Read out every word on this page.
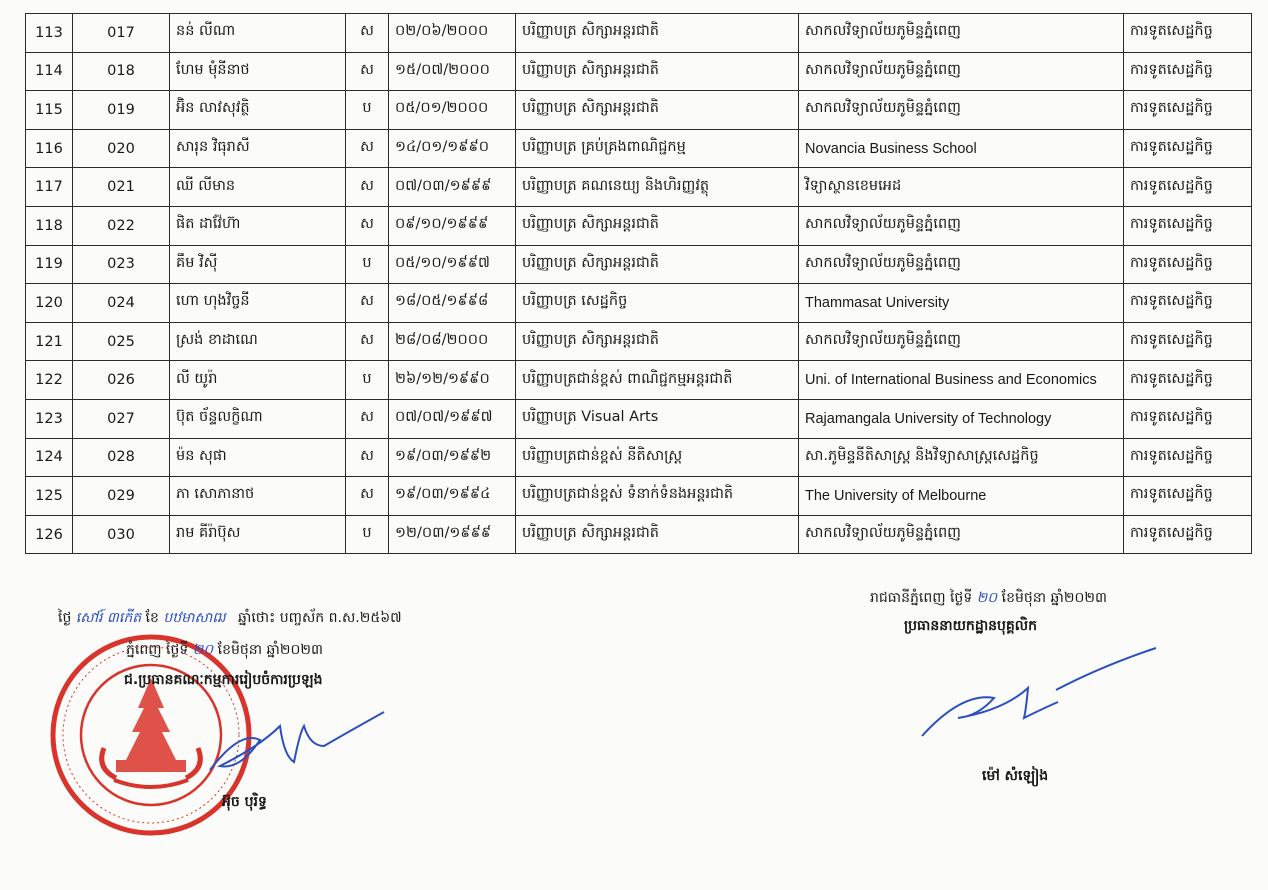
113	017	នន់ លីណា	ស	០២/០៦/២០០០	បរិញ្ញាបត្រ សិក្សាអន្តរជាតិ	សាកលវិទ្យាល័យភូមិន្ទភ្នំពេញ	ការទូតសេដ្ឋកិច្ច
114	018	ហែម មុំនីនាថ	ស	១៥/០៧/២០០០	បរិញ្ញាបត្រ សិក្សាអន្តរជាតិ	សាកលវិទ្យាល័យភូមិន្ទភ្នំពេញ	ការទូតសេដ្ឋកិច្ច
115	019	អ៊ិន លាវសុវត្ថិ	ប	០៥/០១/២០០០	បរិញ្ញាបត្រ សិក្សាអន្តរជាតិ	សាកលវិទ្យាល័យភូមិន្ទភ្នំពេញ	ការទូតសេដ្ឋកិច្ច
116	020	សារុន វិធុរាសី	ស	១៤/០១/១៩៩០	បរិញ្ញាបត្រ គ្រប់គ្រងពាណិជ្ជកម្ម	Novancia Business School	ការទូតសេដ្ឋកិច្ច
117	021	ឈី លីមាន	ស	០៧/០៣/១៩៩៩	បរិញ្ញាបត្រ គណនេយ្យ និងហិរញ្ញវត្ថុ	វិទ្យាស្ថានខេមអេដ	ការទូតសេដ្ឋកិច្ច
118	022	ផិត ដាវ៉ែហ៊ា	ស	០៩/១០/១៩៩៩	បរិញ្ញាបត្រ សិក្សាអន្តរជាតិ	សាកលវិទ្យាល័យភូមិន្ទភ្នំពេញ	ការទូតសេដ្ឋកិច្ច
119	023	គឹម វិស៊ី	ប	០៥/១០/១៩៩៧	បរិញ្ញាបត្រ សិក្សាអន្តរជាតិ	សាកលវិទ្យាល័យភូមិន្ទភ្នំពេញ	ការទូតសេដ្ឋកិច្ច
120	024	ហោ ហុងវិច្ចនី	ស	១៨/០៥/១៩៩៨	បរិញ្ញាបត្រ សេដ្ឋកិច្ច	Thammasat University	ការទូតសេដ្ឋកិច្ច
121	025	ស្រង់ ខាដាណេ	ស	២៨/០៨/២០០០	បរិញ្ញាបត្រ សិក្សាអន្តរជាតិ	សាកលវិទ្យាល័យភូមិន្ទភ្នំពេញ	ការទូតសេដ្ឋកិច្ច
122	026	លី យូរ៉ា	ប	២៦/១២/១៩៩០	បរិញ្ញាបត្រជាន់ខ្ពស់ ពាណិជ្ជកម្មអន្តរជាតិ	Uni. of International Business and Economics	ការទូតសេដ្ឋកិច្ច
123	027	ប៊ុត ច័ន្ទលក្ខិណា	ស	០៧/០៧/១៩៩៧	បរិញ្ញាបត្រ Visual Arts	Rajamangala University of Technology	ការទូតសេដ្ឋកិច្ច
124	028	ម៉ន សុផា	ស	១៩/០៣/១៩៩២	បរិញ្ញាបត្រជាន់ខ្ពស់ នីតិសាស្ត្រ	សា.ភូមិន្ទនីតិសាស្ត្រ និងវិទ្យាសាស្ត្រសេដ្ឋកិច្ច	ការទូតសេដ្ឋកិច្ច
125	029	ភា សោភានាថ	ស	១៩/០៣/១៩៩៤	បរិញ្ញាបត្រជាន់ខ្ពស់ ទំនាក់ទំនងអន្តរជាតិ	The University of Melbourne	ការទូតសេដ្ឋកិច្ច
126	030	រាម គីរ៉ាប៊ុស	ប	១២/០៣/១៩៩៩	បរិញ្ញាបត្រ សិក្សាអន្តរជាតិ	សាកលវិទ្យាល័យភូមិន្ទភ្នំពេញ	ការទូតសេដ្ឋកិច្ច
ថ្ងៃ សៅរ៍ ៣កើត ខែ បឋមាសាឍ ឆ្នាំថោះ បញ្ចស័ក ព.ស.២៥៦៧
ភ្នំពេញ ថ្ងៃទី ២០ ខែមិថុនា ឆ្នាំ២០២៣
ជ.ប្រធានគណៈកម្មការរៀបចំការប្រឡង
អ៊ុច បុរិទ្ធ
រាជធានីភ្នំពេញ ថ្ងៃទី ២០ ខែមិថុនា ឆ្នាំ២០២៣
ប្រធាននាយកដ្ឋានបុគ្គលិក
ម៉ៅ សំឡៀង
